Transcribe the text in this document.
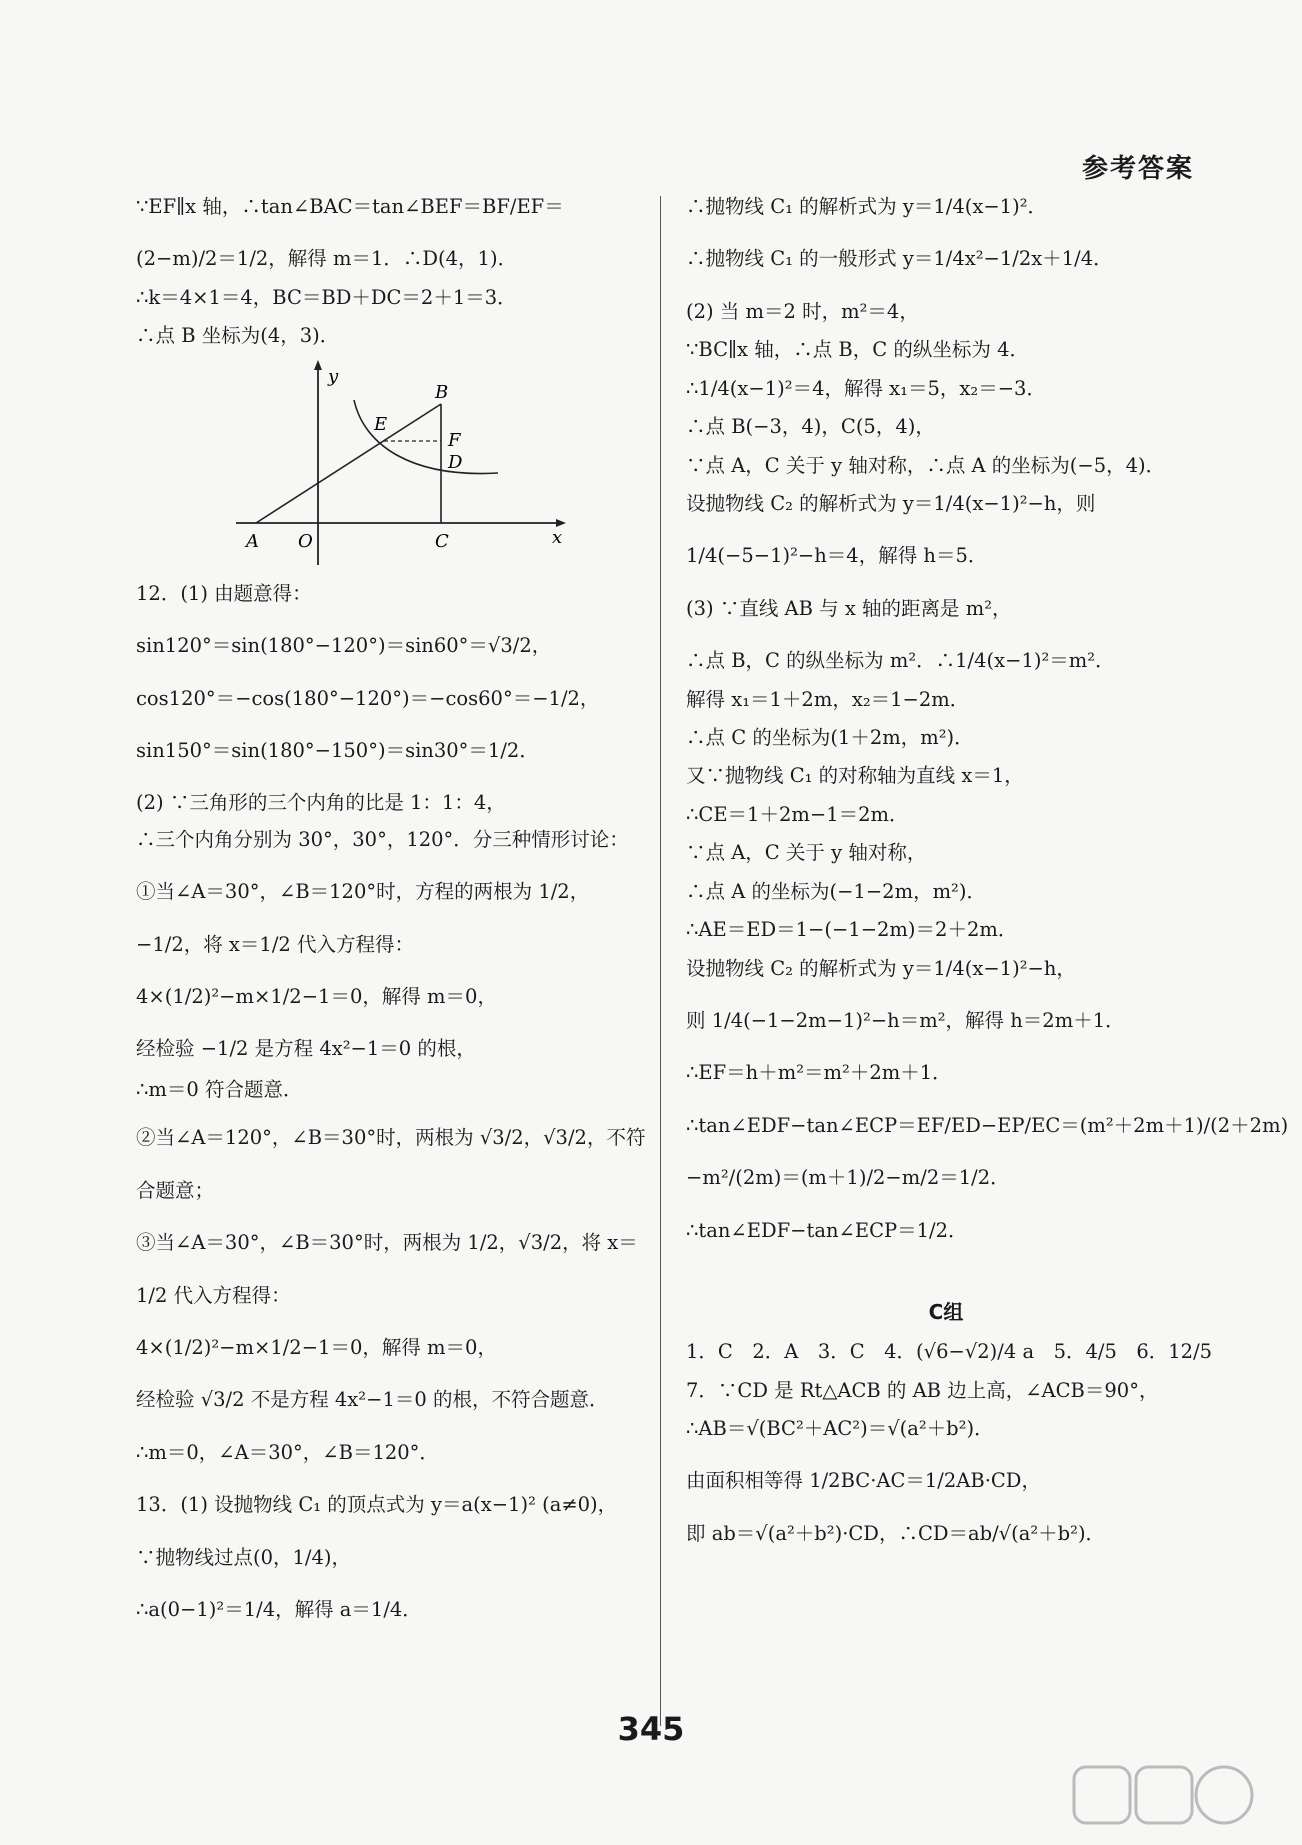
参考答案

∵EF∥x 轴，∴tan∠BAC＝tan∠BEF＝BF/EF＝

(2−m)/2＝1/2，解得 m＝1．∴D(4，1)．

∴k＝4×1＝4，BC＝BD＋DC＝2＋1＝3．

∴点 B 坐标为(4，3)．

y
B
E
F
D
A O	C	x

12．(1) 由题意得：

sin120°＝sin(180°−120°)＝sin60°＝√3/2，

cos120°＝−cos(180°−120°)＝−cos60°＝−1/2，

sin150°＝sin(180°−150°)＝sin30°＝1/2．

(2) ∵三角形的三个内角的比是 1：1：4，

∴三个内角分别为 30°，30°，120°．分三种情形讨论：

①当∠A＝30°，∠B＝120°时，方程的两根为 1/2，

−1/2，将 x＝1/2 代入方程得：

4×(1/2)²−m×1/2−1＝0，解得 m＝0，

经检验 −1/2 是方程 4x²−1＝0 的根，

∴m＝0 符合题意．

②当∠A＝120°，∠B＝30°时，两根为 √3/2，√3/2，不符

合题意；

③当∠A＝30°，∠B＝30°时，两根为 1/2，√3/2，将 x＝

1/2 代入方程得：

4×(1/2)²−m×1/2−1＝0，解得 m＝0，

经检验 √3/2 不是方程 4x²−1＝0 的根，不符合题意．

∴m＝0，∠A＝30°，∠B＝120°．

13．(1) 设抛物线 C₁ 的顶点式为 y＝a(x−1)² (a≠0)，

∵抛物线过点(0，1/4)，

∴a(0−1)²＝1/4，解得 a＝1/4．

∴抛物线 C₁ 的解析式为 y＝1/4(x−1)²．

∴抛物线 C₁ 的一般形式 y＝1/4x²−1/2x＋1/4．

(2) 当 m＝2 时，m²＝4，

∵BC∥x 轴，∴点 B，C 的纵坐标为 4．

∴1/4(x−1)²＝4，解得 x₁＝5，x₂＝−3．

∴点 B(−3，4)，C(5，4)，

∵点 A，C 关于 y 轴对称，∴点 A 的坐标为(−5，4)．

设抛物线 C₂ 的解析式为 y＝1/4(x−1)²−h，则

1/4(−5−1)²−h＝4，解得 h＝5．

(3) ∵直线 AB 与 x 轴的距离是 m²，

∴点 B，C 的纵坐标为 m²．∴1/4(x−1)²＝m²．

解得 x₁＝1＋2m，x₂＝1−2m．

∴点 C 的坐标为(1＋2m，m²)．

又∵抛物线 C₁ 的对称轴为直线 x＝1，

∴CE＝1＋2m−1＝2m．

∵点 A，C 关于 y 轴对称，

∴点 A 的坐标为(−1−2m，m²)．

∴AE＝ED＝1−(−1−2m)＝2＋2m．

设抛物线 C₂ 的解析式为 y＝1/4(x−1)²−h，

则 1/4(−1−2m−1)²−h＝m²，解得 h＝2m＋1．

∴EF＝h＋m²＝m²＋2m＋1．

∴tan∠EDF−tan∠ECP＝EF/ED−EP/EC＝(m²＋2m＋1)/(2＋2m)

−m²/(2m)＝(m＋1)/2−m/2＝1/2．

∴tan∠EDF−tan∠ECP＝1/2．

C组

1．C　2．A　3．C　4．(√6−√2)/4 a　5．4/5　6．12/5

7．∵CD 是 Rt△ACB 的 AB 边上高，∠ACB＝90°，

∴AB＝√(BC²＋AC²)＝√(a²＋b²)．

由面积相等得 1/2BC·AC＝1/2AB·CD，

即 ab＝√(a²＋b²)·CD，∴CD＝ab/√(a²＋b²)．

345
